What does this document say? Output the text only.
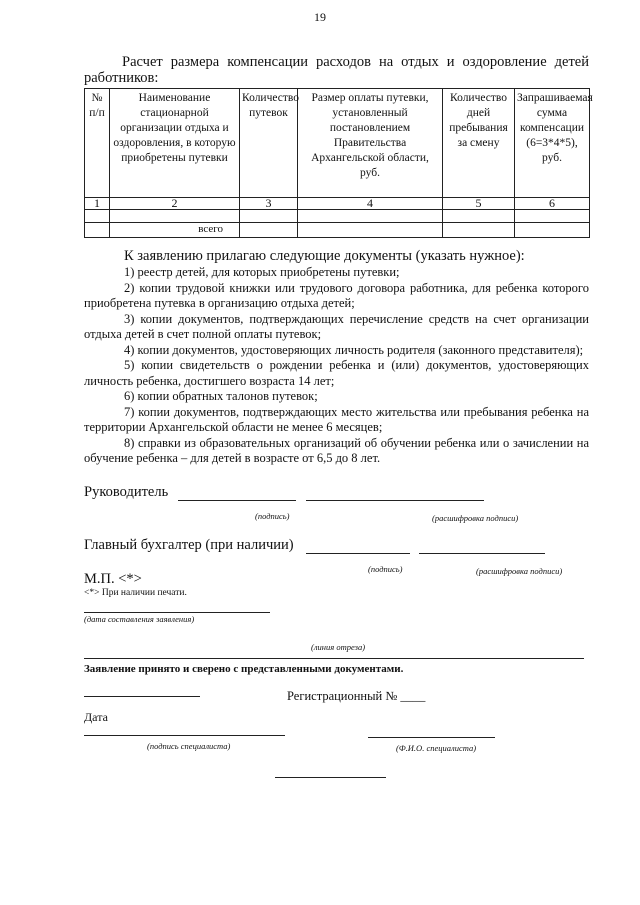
19
Расчет размера компенсации расходов на отдых и оздоровление детей работников:
№ п/п	Наименование стационарной организации отдыха и оздоровления, в которую приобретены путевки	Количество путевок	Размер оплаты путевки, установленный постановлением Правительства Архангельской области, руб.	Количество дней пребывания за смену	Запрашиваемая сумма компенсации (6=3*4*5), руб.
1	2	3	4	5	6

	всего				
К заявлению прилагаю следующие документы (указать нужное):
1) реестр детей, для которых приобретены путевки;
2) копии трудовой книжки или трудового договора работника, для ребенка которого приобретена путевка в организацию отдыха детей;
3) копии документов, подтверждающих перечисление средств на счет организации отдыха детей в счет полной оплаты путевок;
4) копии документов, удостоверяющих личность родителя (законного представителя);
5) копии свидетельств о рождении ребенка и (или) документов, удостоверяющих личность ребенка, достигшего возраста 14 лет;
6) копии обратных талонов путевок;
7) копии документов, подтверждающих место жительства или пребывания ребенка на территории Архангельской области не менее 6 месяцев;
8) справки из образовательных организаций об обучении ребенка или о зачислении на обучение ребенка – для детей в возрасте от 6,5 до 8 лет.
Руководитель
(подпись)	(расшифровка подписи)
Главный бухгалтер (при наличии)
(подпись)	(расшифровка подписи)
М.П. <*>
<*> При наличии печати.
(дата составления заявления)
(линия отреза)
Заявление принято и сверено с представленными документами.
Регистрационный № ____
Дата
(подпись специалиста)	(Ф.И.О. специалиста)
